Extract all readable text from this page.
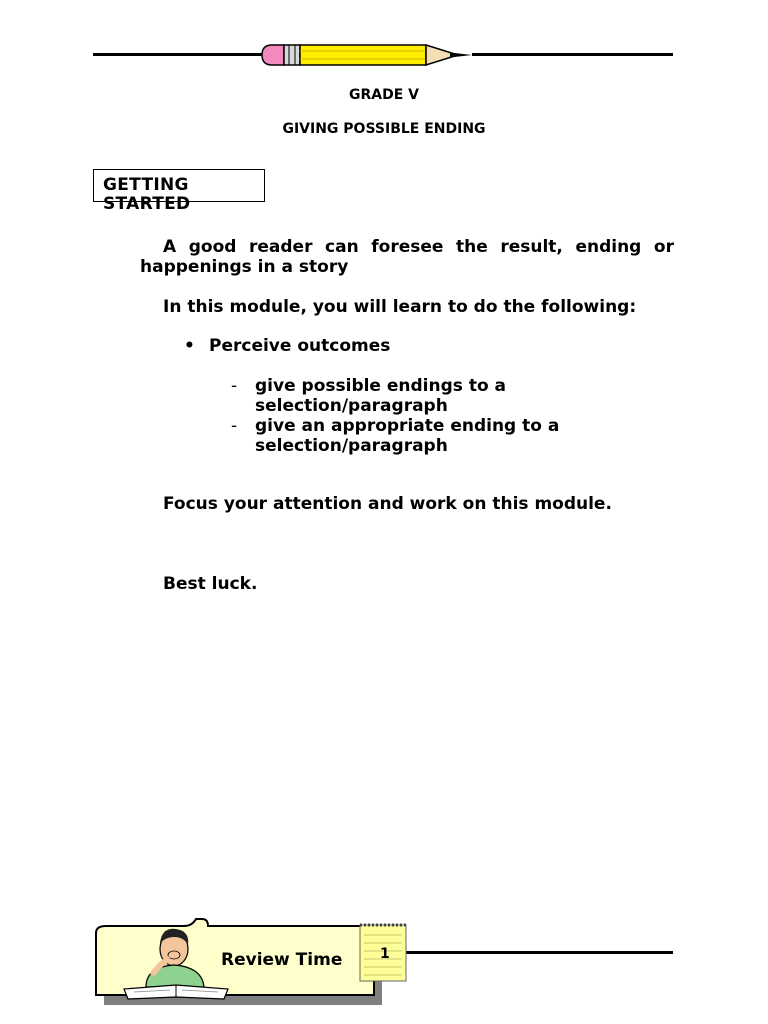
GRADE V
GIVING POSSIBLE ENDING
GETTING
STARTED
A good reader can foresee the result, ending or happenings in a story
In this module, you will learn to do the following:
• Perceive outcomes
- give possible endings to a selection/paragraph
- give an appropriate ending to a selection/paragraph
Focus your attention and work on this module.
Best luck.
Review Time	1
